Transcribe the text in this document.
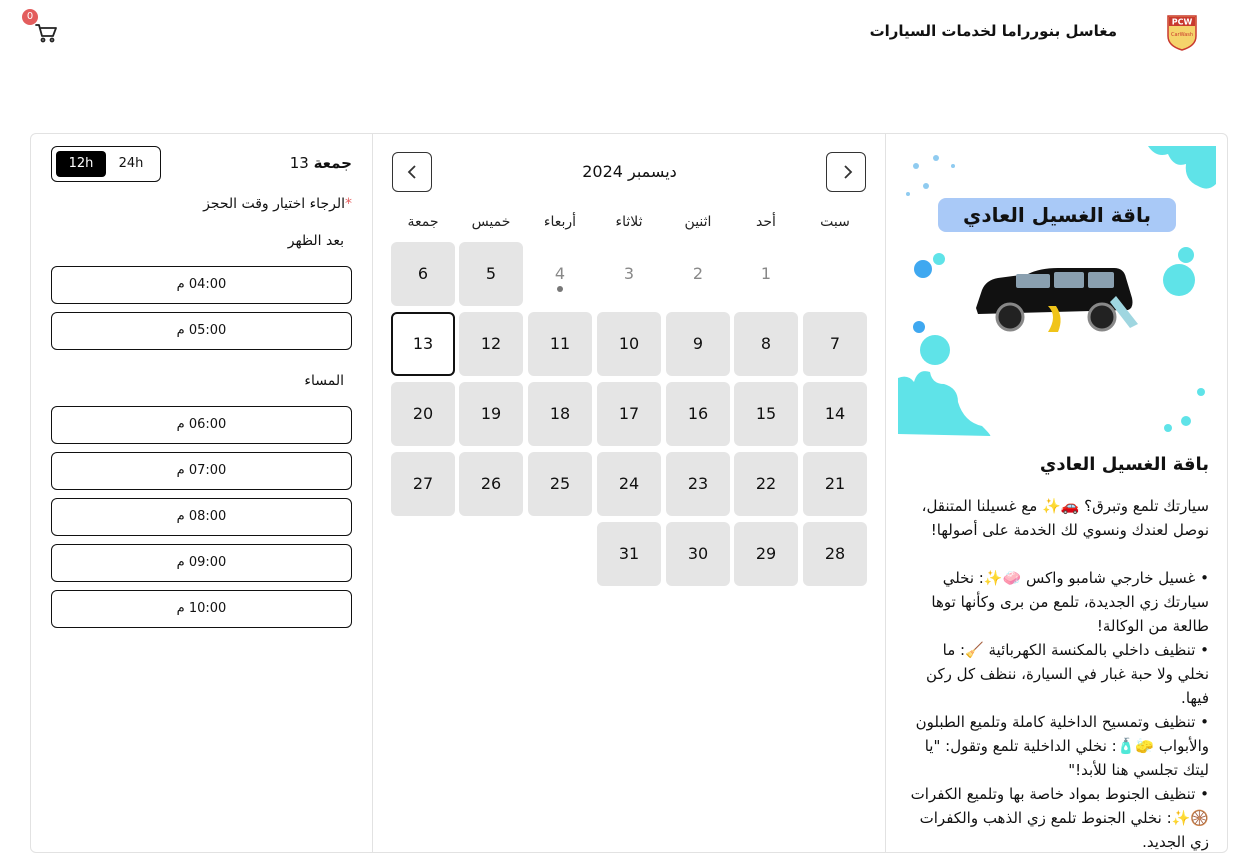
PCW
CarWash
مغاسل بنورراما لخدمات السيارات
0
12h	24h	جمعة 13
*الرجاء اختيار وقت الحجز
بعد الظهر
04:00 م
05:00 م
المساء
06:00 م
07:00 م
08:00 م
09:00 م
10:00 م
ديسمبر 2024
سبت
أحد
اثنين
ثلاثاء
أربعاء
خميس
جمعة
1
2
3
4
5
6
7
8
9
10
11
12
13
14
15
16
17
18
19
20
21
22
23
24
25
26
27
28
29
30
31
باقة الغسيل العادي
باقة الغسيل العادي

سيارتك تلمع وتبرق؟ 🚗✨ مع غسيلنا المتنقل، نوصل لعندك ونسوي لك الخدمة على أصولها!

• غسيل خارجي شامبو واكس 🧼✨: نخلي سيارتك زي الجديدة، تلمع من برى وكأنها توها طالعة من الوكالة!

• تنظيف داخلي بالمكنسة الكهربائية 🧹: ما نخلي ولا حبة غبار في السيارة، ننظف كل ركن فيها.

• تنظيف وتمسيح الداخلية كاملة وتلميع الطبلون والأبواب 🧽🧴: نخلي الداخلية تلمع وتقول: "يا ليتك تجلسي هنا للأبد!"

• تنظيف الجنوط بمواد خاصة بها وتلميع الكفرات 🛞✨: نخلي الجنوط تلمع زي الذهب والكفرات زي الجديد.
